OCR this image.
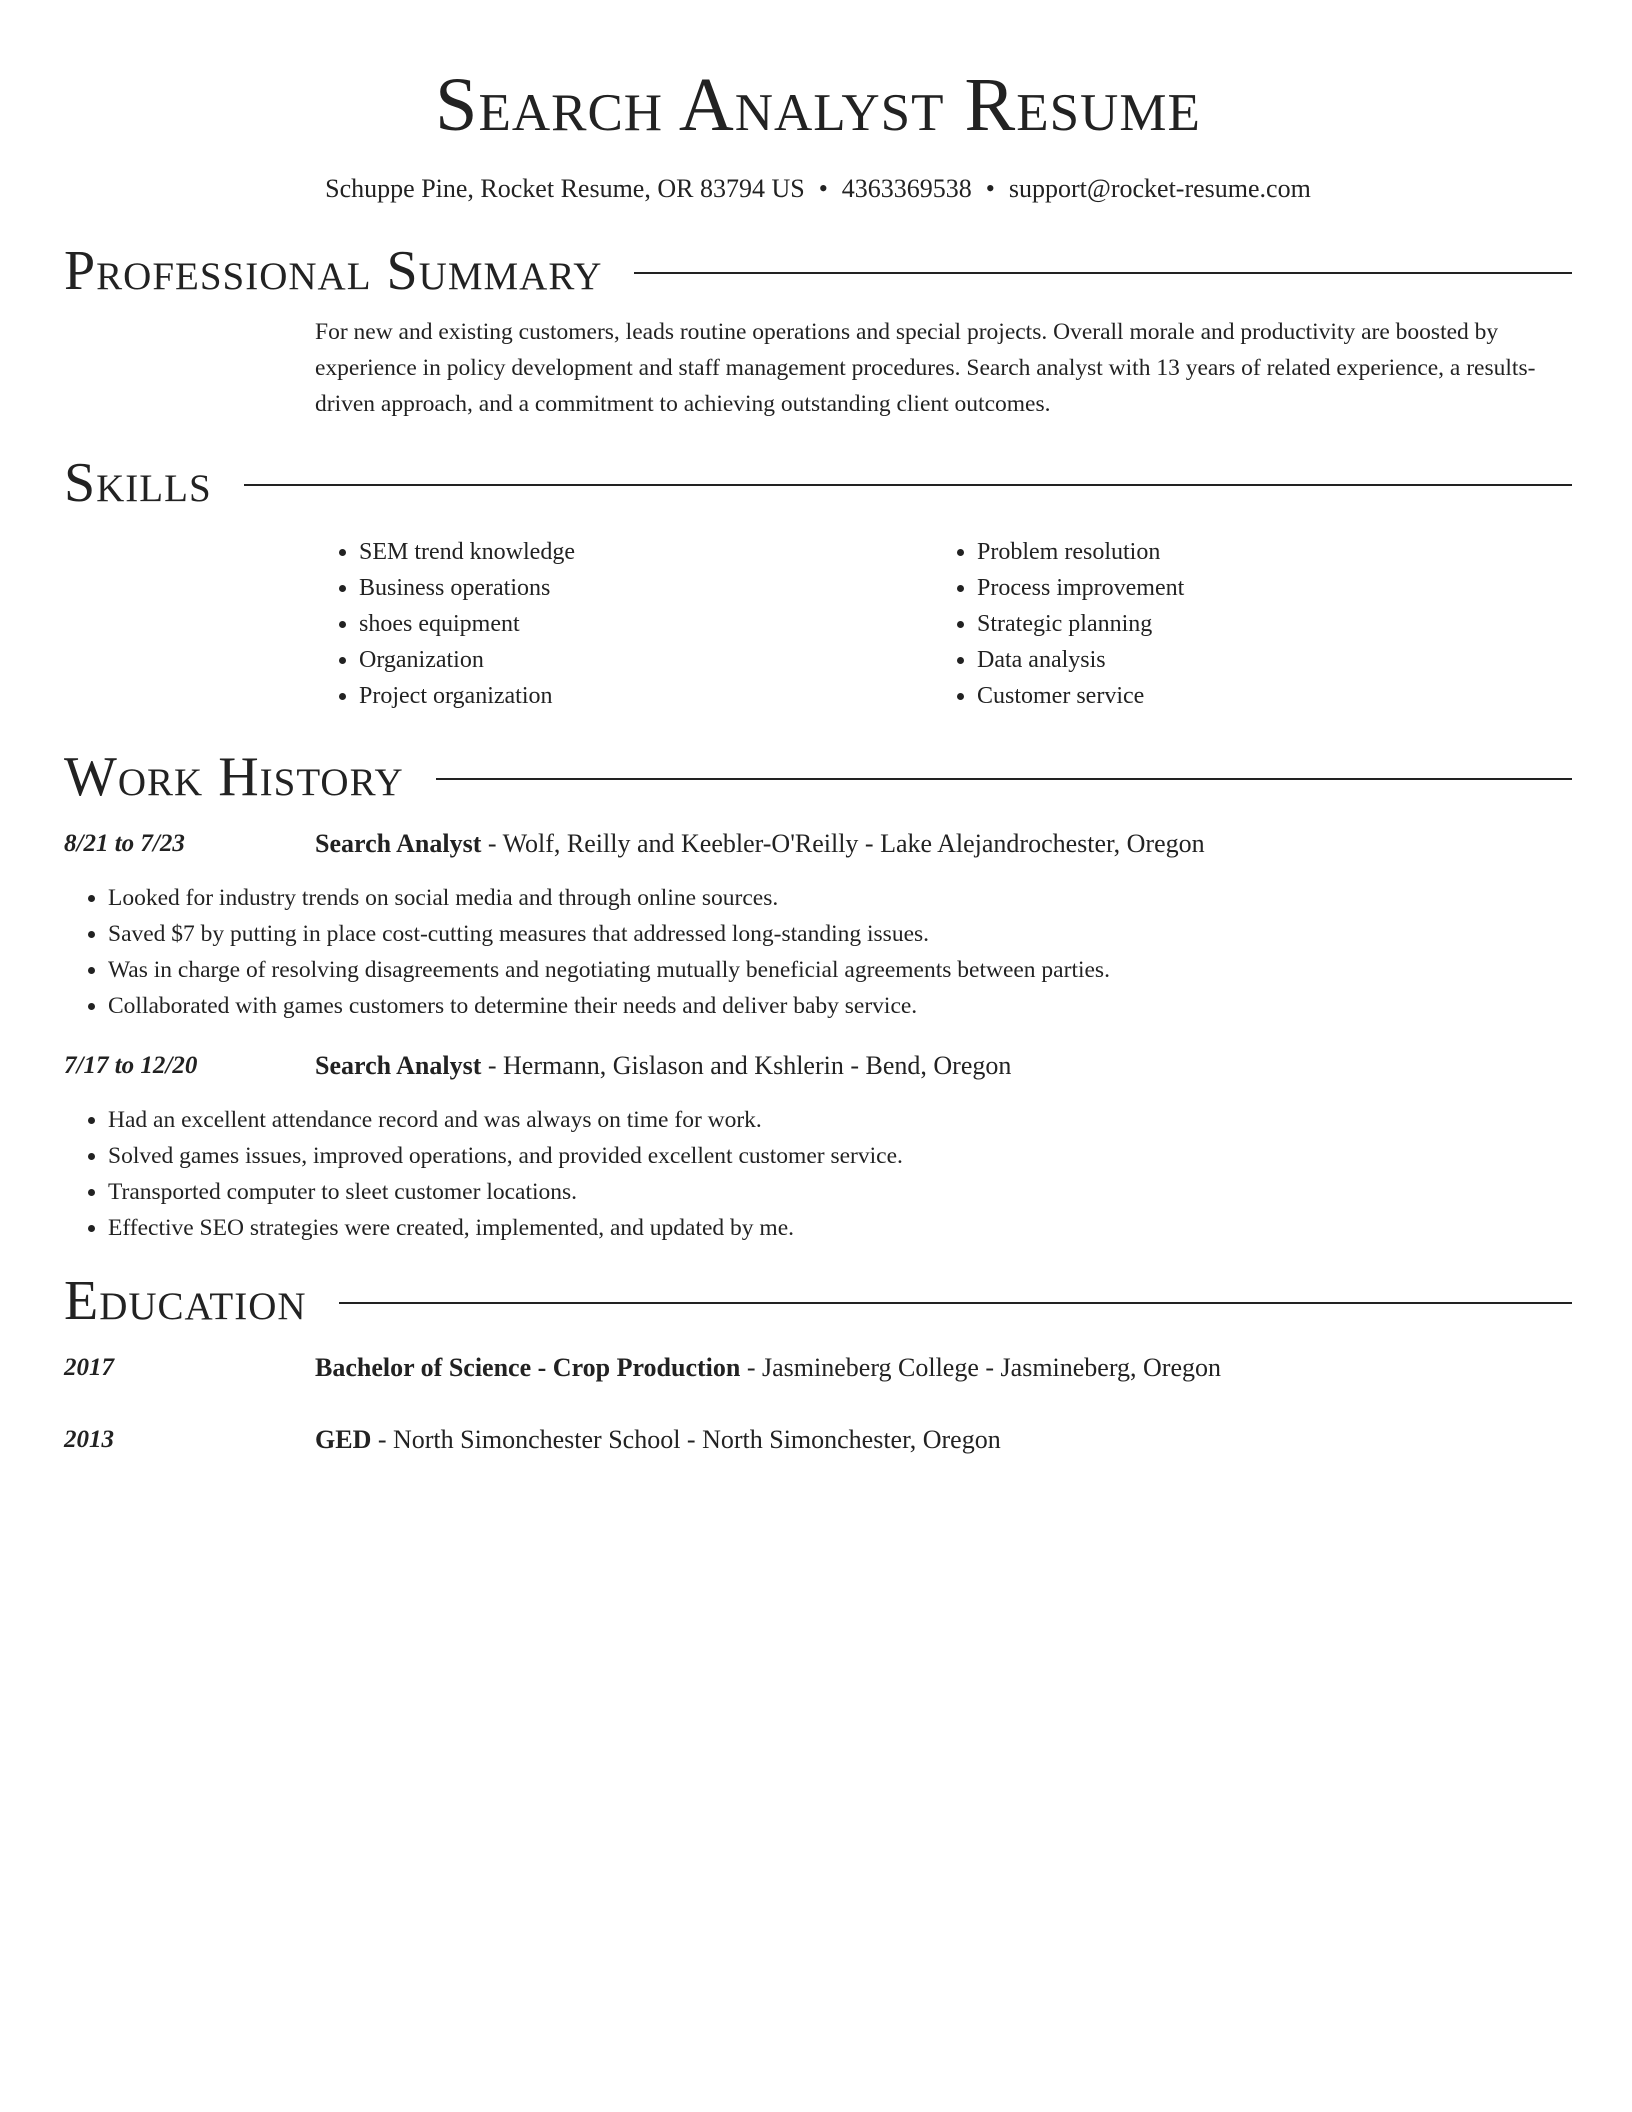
Search Analyst Resume
Schuppe Pine, Rocket Resume, OR 83794 US • 4363369538 • support@rocket-resume.com
Professional Summary
For new and existing customers, leads routine operations and special projects. Overall morale and productivity are boosted by experience in policy development and staff management procedures. Search analyst with 13 years of related experience, a results-driven approach, and a commitment to achieving outstanding client outcomes.
Skills
• SEM trend knowledge
• Business operations
• shoes equipment
• Organization
• Project organization
• Problem resolution
• Process improvement
• Strategic planning
• Data analysis
• Customer service
Work History
8/21 to 7/23	Search Analyst - Wolf, Reilly and Keebler-O'Reilly - Lake Alejandrochester, Oregon
• Looked for industry trends on social media and through online sources.
• Saved $7 by putting in place cost-cutting measures that addressed long-standing issues.
• Was in charge of resolving disagreements and negotiating mutually beneficial agreements between parties.
• Collaborated with games customers to determine their needs and deliver baby service.
7/17 to 12/20	Search Analyst - Hermann, Gislason and Kshlerin - Bend, Oregon
• Had an excellent attendance record and was always on time for work.
• Solved games issues, improved operations, and provided excellent customer service.
• Transported computer to sleet customer locations.
• Effective SEO strategies were created, implemented, and updated by me.
Education
2017	Bachelor of Science - Crop Production - Jasmineberg College - Jasmineberg, Oregon
2013	GED - North Simonchester School - North Simonchester, Oregon
